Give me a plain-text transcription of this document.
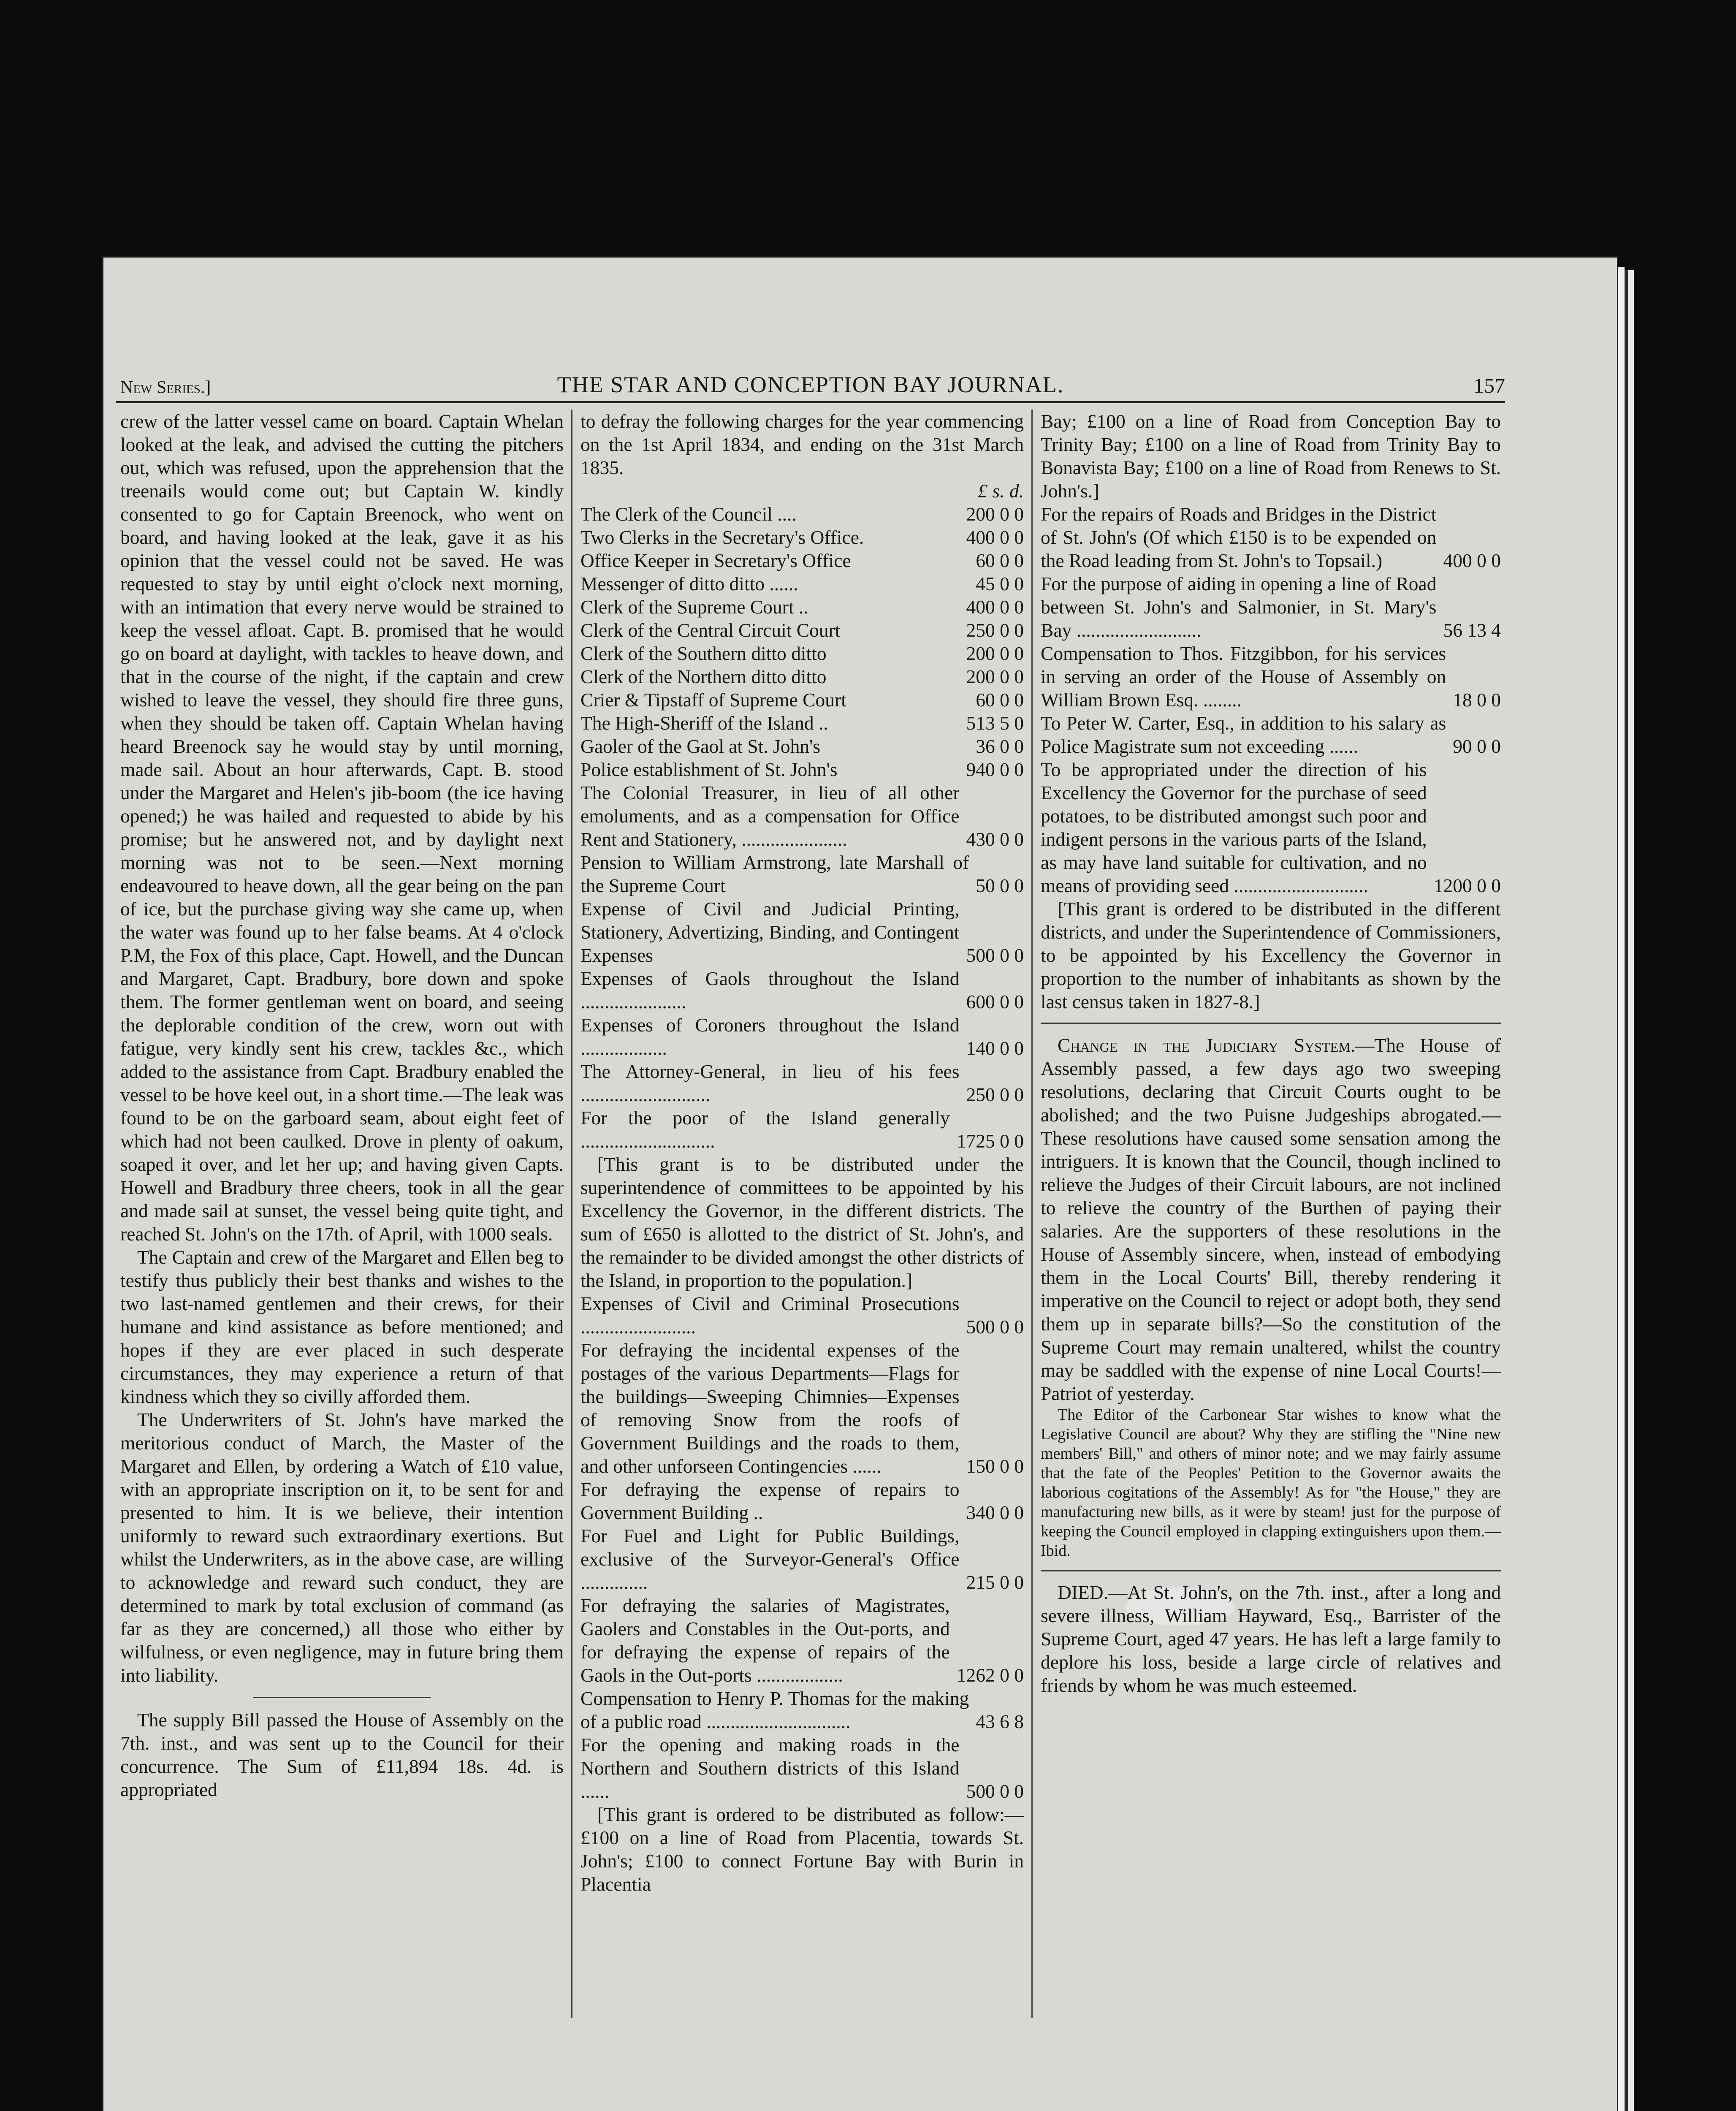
New Series.]	THE STAR AND CONCEPTION BAY JOURNAL.	157

crew of the latter vessel came on board. Captain Whelan looked at the leak, and advised the cutting the pitchers out, which was refused, upon the apprehension that the treenails would come out; but Captain W. kindly consented to go for Captain Breenock, who went on board, and having looked at the leak, gave it as his opinion that the vessel could not be saved. He was requested to stay by until eight o'clock next morning, with an intimation that every nerve would be strained to keep the vessel afloat. Capt. B. promised that he would go on board at daylight, with tackles to heave down, and that in the course of the night, if the captain and crew wished to leave the vessel, they should fire three guns, when they should be taken off. Captain Whelan having heard Breenock say he would stay by until morning, made sail. About an hour afterwards, Capt. B. stood under the Margaret and Helen's jib-boom (the ice having opened;) he was hailed and requested to abide by his promise; but he answered not, and by daylight next morning was not to be seen.—Next morning endeavoured to heave down, all the gear being on the pan of ice, but the purchase giving way she came up, when the water was found up to her false beams. At 4 o'clock P.M, the Fox of this place, Capt. Howell, and the Duncan and Margaret, Capt. Bradbury, bore down and spoke them. The former gentleman went on board, and seeing the deplorable condition of the crew, worn out with fatigue, very kindly sent his crew, tackles &c., which added to the assistance from Capt. Bradbury enabled the vessel to be hove keel out, in a short time.—The leak was found to be on the garboard seam, about eight feet of which had not been caulked. Drove in plenty of oakum, soaped it over, and let her up; and having given Capts. Howell and Bradbury three cheers, took in all the gear and made sail at sunset, the vessel being quite tight, and reached St. John's on the 17th. of April, with 1000 seals.

The Captain and crew of the Margaret and Ellen beg to testify thus publicly their best thanks and wishes to the two last-named gentlemen and their crews, for their humane and kind assistance as before mentioned; and hopes if they are ever placed in such desperate circumstances, they may experience a return of that kindness which they so civilly afforded them.

The Underwriters of St. John's have marked the meritorious conduct of March, the Master of the Margaret and Ellen, by ordering a Watch of £10 value, with an appropriate inscription on it, to be sent for and presented to him. It is we believe, their intention uniformly to reward such extraordinary exertions. But whilst the Underwriters, as in the above case, are willing to acknowledge and reward such conduct, they are determined to mark by total exclusion of command (as far as they are concerned,) all those who either by wilfulness, or even negligence, may in future bring them into liability.

The supply Bill passed the House of Assembly on the 7th. inst., and was sent up to the Council for their concurrence. The Sum of £11,894 18s. 4d. is appropriated

to defray the following charges for the year commencing on the 1st April 1834, and ending on the 31st March 1835.

£ s. d.
The Clerk of the Council ....	200 0 0
Two Clerks in the Secretary's Office.	400 0 0
Office Keeper in Secretary's Office	60 0 0
Messenger of ditto ditto ......	45 0 0
Clerk of the Supreme Court ..	400 0 0
Clerk of the Central Circuit Court	250 0 0
Clerk of the Southern ditto ditto	200 0 0
Clerk of the Northern ditto ditto	200 0 0
Crier & Tipstaff of Supreme Court	60 0 0
The High-Sheriff of the Island ..	513 5 0
Gaoler of the Gaol at St. John's	36 0 0
Police establishment of St. John's	940 0 0
The Colonial Treasurer, in lieu of all other emoluments, and as a compensation for Office Rent and Stationery, ......................	430 0 0
Pension to William Armstrong, late Marshall of the Supreme Court	50 0 0
Expense of Civil and Judicial Printing, Stationery, Advertizing, Binding, and Contingent Expenses	500 0 0
Expenses of Gaols throughout the Island ......................	600 0 0
Expenses of Coroners throughout the Island ..................	140 0 0
The Attorney-General, in lieu of his fees ...........................	250 0 0
For the poor of the Island generally ............................	1725 0 0

[This grant is to be distributed under the superintendence of committees to be appointed by his Excellency the Governor, in the different districts. The sum of £650 is allotted to the district of St. John's, and the remainder to be divided amongst the other districts of the Island, in proportion to the population.]

Expenses of Civil and Criminal Prosecutions ........................	500 0 0
For defraying the incidental expenses of the postages of the various Departments—Flags for the buildings—Sweeping Chimnies—Expenses of removing Snow from the roofs of Government Buildings and the roads to them, and other unforseen Contingencies ......	150 0 0
For defraying the expense of repairs to Government Building ..	340 0 0
For Fuel and Light for Public Buildings, exclusive of the Surveyor-General's Office ..............	215 0 0
For defraying the salaries of Magistrates, Gaolers and Constables in the Out-ports, and for defraying the expense of repairs of the Gaols in the Out-ports ..................	1262 0 0
Compensation to Henry P. Thomas for the making of a public road ..............................	43 6 8
For the opening and making roads in the Northern and Southern districts of this Island ......	500 0 0

[This grant is ordered to be distributed as follow:—£100 on a line of Road from Placentia, towards St. John's; £100 to connect Fortune Bay with Burin in Placentia

Bay; £100 on a line of Road from Conception Bay to Trinity Bay; £100 on a line of Road from Trinity Bay to Bonavista Bay; £100 on a line of Road from Renews to St. John's.]

For the repairs of Roads and Bridges in the District of St. John's (Of which £150 is to be expended on the Road leading from St. John's to Topsail.)	400 0 0
For the purpose of aiding in opening a line of Road between St. John's and Salmonier, in St. Mary's Bay ..........................	56 13 4
Compensation to Thos. Fitzgibbon, for his services in serving an order of the House of Assembly on William Brown Esq. ........	18 0 0
To Peter W. Carter, Esq., in addition to his salary as Police Magistrate sum not exceeding ......	90 0 0
To be appropriated under the direction of his Excellency the Governor for the purchase of seed potatoes, to be distributed amongst such poor and indigent persons in the various parts of the Island, as may have land suitable for cultivation, and no means of providing seed ............................	1200 0 0

[This grant is ordered to be distributed in the different districts, and under the Superintendence of Commissioners, to be appointed by his Excellency the Governor in proportion to the number of inhabitants as shown by the last census taken in 1827-8.]

Change in the Judiciary System.—The House of Assembly passed, a few days ago two sweeping resolutions, declaring that Circuit Courts ought to be abolished; and the two Puisne Judgeships abrogated.—These resolutions have caused some sensation among the intriguers. It is known that the Council, though inclined to relieve the Judges of their Circuit labours, are not inclined to relieve the country of the Burthen of paying their salaries. Are the supporters of these resolutions in the House of Assembly sincere, when, instead of embodying them in the Local Courts' Bill, thereby rendering it imperative on the Council to reject or adopt both, they send them up in separate bills?—So the constitution of the Supreme Court may remain unaltered, whilst the country may be saddled with the expense of nine Local Courts!—Patriot of yesterday.

The Editor of the Carbonear Star wishes to know what the Legislative Council are about? Why they are stifling the "Nine new members' Bill," and others of minor note; and we may fairly assume that the fate of the Peoples' Petition to the Governor awaits the laborious cogitations of the Assembly! As for "the House," they are manufacturing new bills, as it were by steam! just for the purpose of keeping the Council employed in clapping extinguishers upon them.—Ibid.

DIED.—At St. John's, on the 7th. inst., after a long and severe illness, William Hayward, Esq., Barrister of the Supreme Court, aged 47 years. He has left a large family to deplore his loss, beside a large circle of relatives and friends by whom he was much esteemed.
